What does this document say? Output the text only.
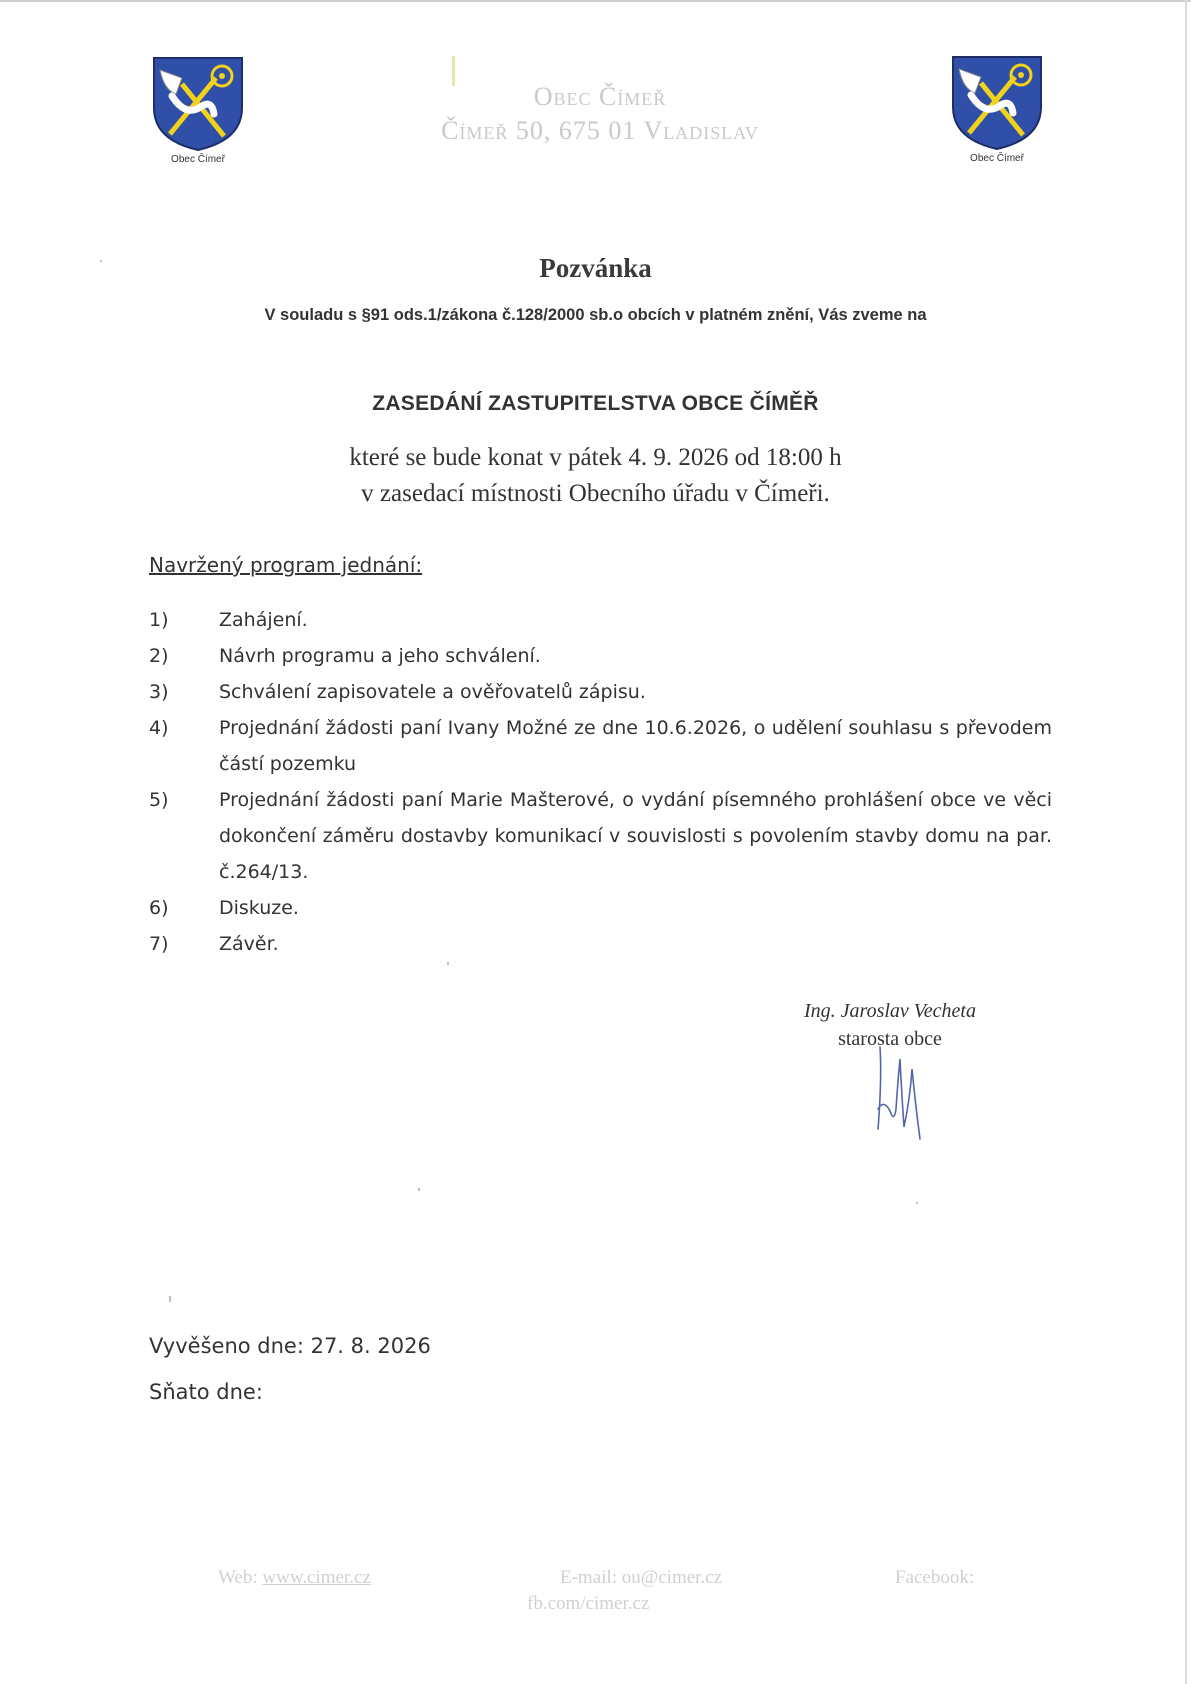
Obec Čímeř	Obec Čímeř
Obec Čímeř
Čímeř 50, 675 01 Vladislav
Pozvánka
V souladu s §91 ods.1/zákona č.128/2000 sb.o obcích v platném znění, Vás zveme na
ZASEDÁNÍ ZASTUPITELSTVA OBCE ČÍMĚŘ
které se bude konat v pátek 4. 9. 2026 od 18:00 h
v zasedací místnosti Obecního úřadu v Čímeři.
Navržený program jednání:
1)	Zahájení.
2)	Návrh programu a jeho schválení.
3)	Schválení zapisovatele a ověřovatelů zápisu.
4)	Projednání žádosti paní Ivany Možné ze dne 10.6.2026, o udělení souhlasu s převodem částí pozemku
5)	Projednání žádosti paní Marie Mašterové, o vydání písemného prohlášení obce ve věci dokončení záměru dostavby komunikací v souvislosti s povolením stavby domu na par. č.264/13.
6)	Diskuze.
7)	Závěr.
Ing. Jaroslav Vecheta
starosta obce
Vyvěšeno dne: 27. 8. 2026
Sňato dne:
Web: www.cimer.cz	E-mail: ou@cimer.cz	Facebook:
fb.com/cimer.cz
